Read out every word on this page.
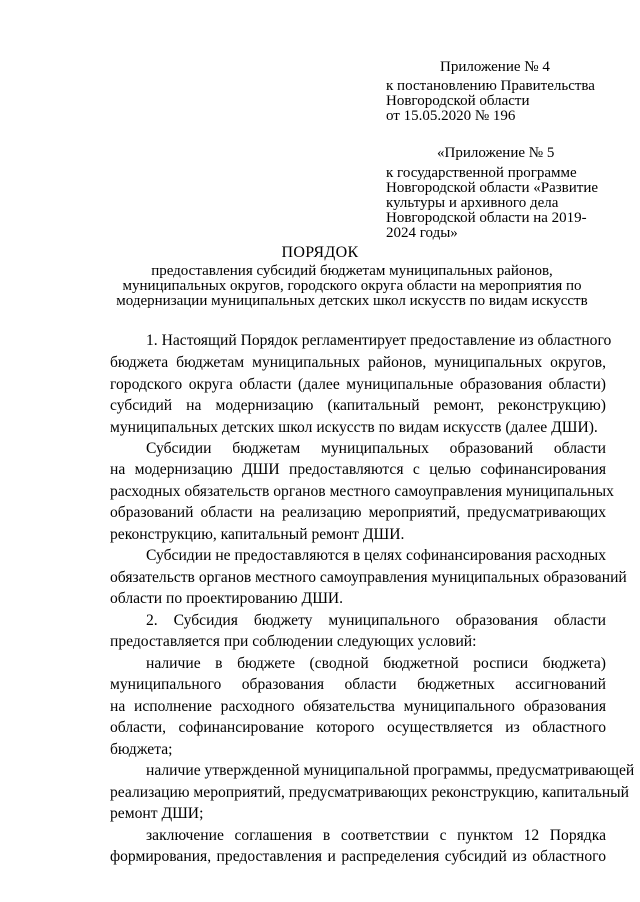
Приложение № 4
к постановлению Правительства
Новгородской области
от 15.05.2020 № 196
«Приложение № 5
к государственной программе
Новгородской области «Развитие
культуры и архивного дела
Новгородской области на 2019-
2024 годы»
ПОРЯДОК
предоставления субсидий бюджетам муниципальных районов,
муниципальных округов, городского округа области на мероприятия по
модернизации муниципальных детских школ искусств по видам искусств
1. Настоящий Порядок регламентирует предоставление из областного
бюджета бюджетам муниципальных районов, муниципальных округов,
городского округа области (далее муниципальные образования области)
субсидий на модернизацию (капитальный ремонт, реконструкцию)
муниципальных детских школ искусств по видам искусств (далее ДШИ).
Субсидии бюджетам муниципальных образований области
на модернизацию ДШИ предоставляются с целью софинансирования
расходных обязательств органов местного самоуправления муниципальных
образований области на реализацию мероприятий, предусматривающих
реконструкцию, капитальный ремонт ДШИ.
Субсидии не предоставляются в целях софинансирования расходных
обязательств органов местного самоуправления муниципальных образований
области по проектированию ДШИ.
2. Субсидия бюджету муниципального образования области
предоставляется при соблюдении следующих условий:
наличие в бюджете (сводной бюджетной росписи бюджета)
муниципального образования области бюджетных ассигнований
на исполнение расходного обязательства муниципального образования
области, софинансирование которого осуществляется из областного
бюджета;
наличие утвержденной муниципальной программы, предусматривающей
реализацию мероприятий, предусматривающих реконструкцию, капитальный
ремонт ДШИ;
заключение соглашения в соответствии с пунктом 12 Порядка
формирования, предоставления и распределения субсидий из областного
